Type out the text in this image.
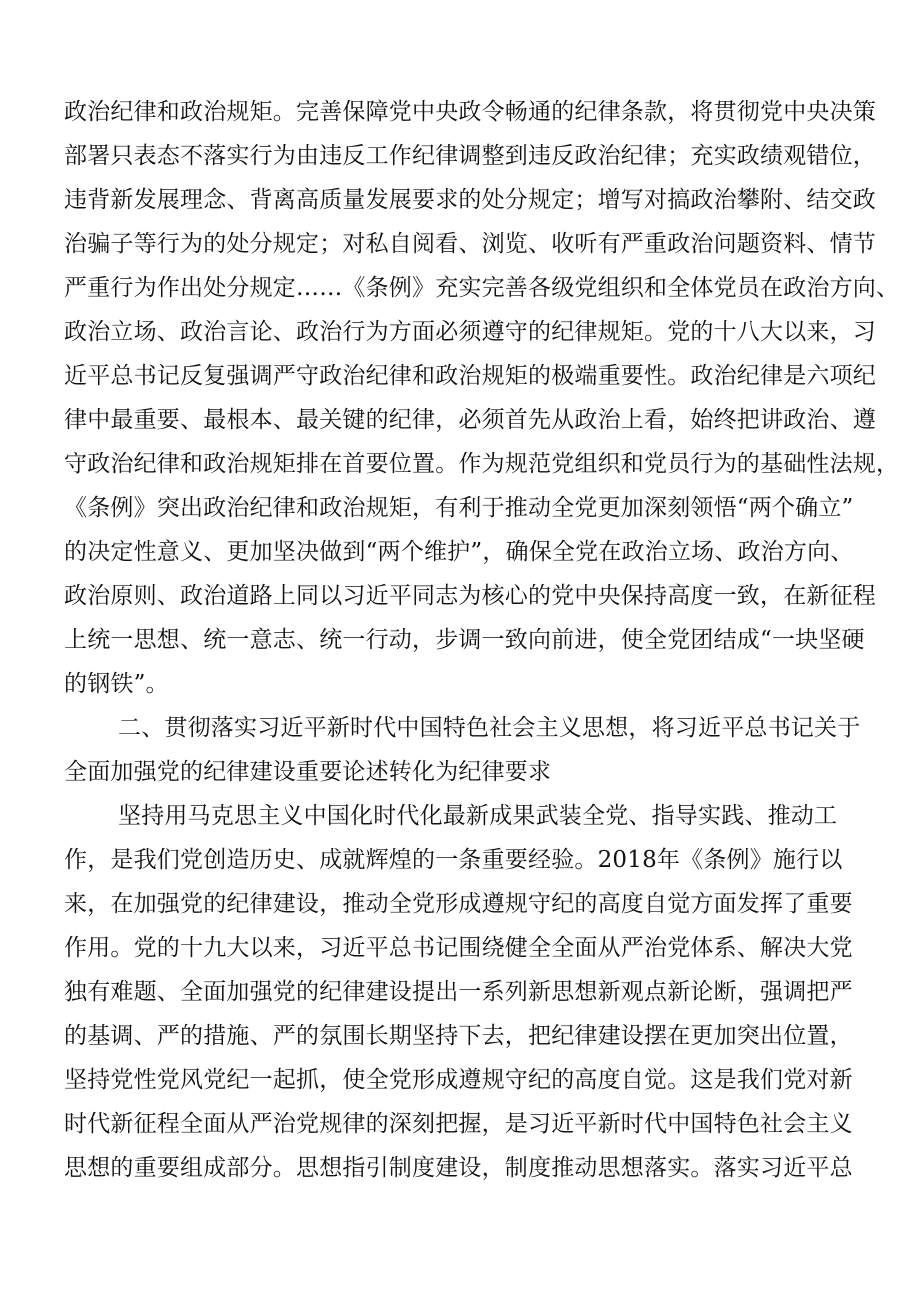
政治纪律和政治规矩。完善保障党中央政令畅通的纪律条款，将贯彻党中央决策
部署只表态不落实行为由违反工作纪律调整到违反政治纪律；充实政绩观错位，
违背新发展理念、背离高质量发展要求的处分规定；增写对搞政治攀附、结交政
治骗子等行为的处分规定；对私自阅看、浏览、收听有严重政治问题资料、情节
严重行为作出处分规定……《条例》充实完善各级党组织和全体党员在政治方向、
政治立场、政治言论、政治行为方面必须遵守的纪律规矩。党的十八大以来，习
近平总书记反复强调严守政治纪律和政治规矩的极端重要性。政治纪律是六项纪
律中最重要、最根本、最关键的纪律，必须首先从政治上看，始终把讲政治、遵
守政治纪律和政治规矩排在首要位置。作为规范党组织和党员行为的基础性法规，
《条例》突出政治纪律和政治规矩，有利于推动全党更加深刻领悟“两个确立”
的决定性意义、更加坚决做到“两个维护”，确保全党在政治立场、政治方向、
政治原则、政治道路上同以习近平同志为核心的党中央保持高度一致，在新征程
上统一思想、统一意志、统一行动，步调一致向前进，使全党团结成“一块坚硬
的钢铁”。
二、贯彻落实习近平新时代中国特色社会主义思想，将习近平总书记关于
全面加强党的纪律建设重要论述转化为纪律要求
坚持用马克思主义中国化时代化最新成果武装全党、指导实践、推动工
作，是我们党创造历史、成就辉煌的一条重要经验。2018年《条例》施行以
来，在加强党的纪律建设，推动全党形成遵规守纪的高度自觉方面发挥了重要
作用。党的十九大以来，习近平总书记围绕健全全面从严治党体系、解决大党
独有难题、全面加强党的纪律建设提出一系列新思想新观点新论断，强调把严
的基调、严的措施、严的氛围长期坚持下去，把纪律建设摆在更加突出位置，
坚持党性党风党纪一起抓，使全党形成遵规守纪的高度自觉。这是我们党对新
时代新征程全面从严治党规律的深刻把握，是习近平新时代中国特色社会主义
思想的重要组成部分。思想指引制度建设，制度推动思想落实。落实习近平总
